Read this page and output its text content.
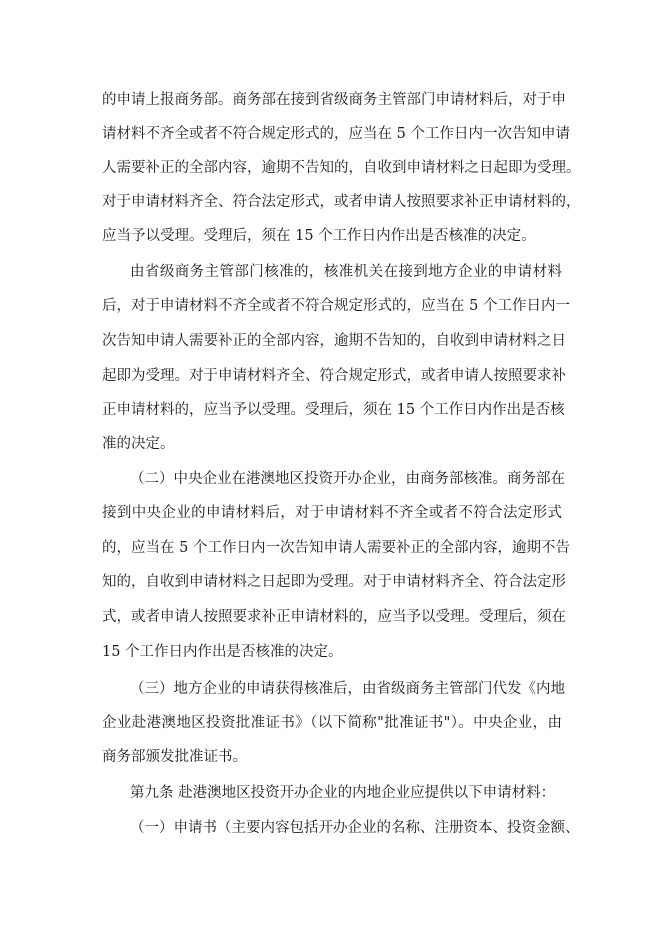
的申请上报商务部。商务部在接到省级商务主管部门申请材料后，对于申
请材料不齐全或者不符合规定形式的，应当在 5 个工作日内一次告知申请
人需要补正的全部内容，逾期不告知的，自收到申请材料之日起即为受理。
对于申请材料齐全、符合法定形式，或者申请人按照要求补正申请材料的，
应当予以受理。受理后，须在 15 个工作日内作出是否核准的决定。
由省级商务主管部门核准的，核准机关在接到地方企业的申请材料
后，对于申请材料不齐全或者不符合规定形式的，应当在 5 个工作日内一
次告知申请人需要补正的全部内容，逾期不告知的，自收到申请材料之日
起即为受理。对于申请材料齐全、符合规定形式，或者申请人按照要求补
正申请材料的，应当予以受理。受理后，须在 15 个工作日内作出是否核
准的决定。
（二）中央企业在港澳地区投资开办企业，由商务部核准。商务部在
接到中央企业的申请材料后，对于申请材料不齐全或者不符合法定形式
的，应当在 5 个工作日内一次告知申请人需要补正的全部内容，逾期不告
知的，自收到申请材料之日起即为受理。对于申请材料齐全、符合法定形
式，或者申请人按照要求补正申请材料的，应当予以受理。受理后，须在
15 个工作日内作出是否核准的决定。
（三）地方企业的申请获得核准后，由省级商务主管部门代发《内地
企业赴港澳地区投资批准证书》（以下简称"批准证书"）。中央企业，由
商务部颁发批准证书。
第九条 赴港澳地区投资开办企业的内地企业应提供以下申请材料：
（一）申请书（主要内容包括开办企业的名称、注册资本、投资金额、
